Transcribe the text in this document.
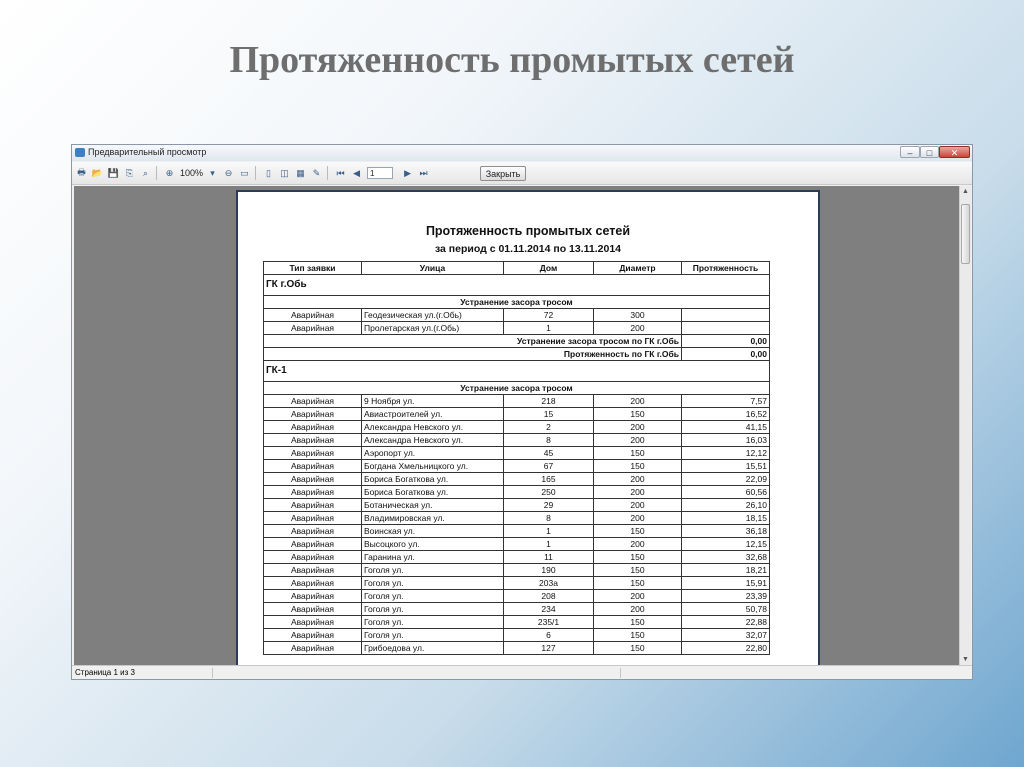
Протяженность промытых сетей
Предварительный просмотр	‒	□	✕
🖶 📂 💾 ⎘	⌕	⊕ 100% ▾	⊖ ▭	▯	◫ ▦ ✎	⏮ ◀	1	▶ ⏭	Закрыть
Протяженность промытых сетей
за период с 01.11.2014 по 13.11.2014
Тип заявки	Улица	Дом	Диаметр	Протяженность
ГК г.Обь				
Устранение засора тросом				
Аварийная	Геодезическая ул.(г.Обь)	72	300	
Аварийная	Пролетарская ул.(г.Обь)	1	200	
Устранение засора тросом по ГК г.Обь				0,00
Протяженность по ГК г.Обь				0,00
ГК-1				
Устранение засора тросом				
Аварийная	9 Ноября ул.	218	200	7,57
Аварийная	Авиастроителей ул.	15	150	16,52
Аварийная	Александра Невского ул.	2	200	41,15
Аварийная	Александра Невского ул.	8	200	16,03
Аварийная	Аэропорт ул.	45	150	12,12
Аварийная	Богдана Хмельницкого ул.	67	150	15,51
Аварийная	Бориса Богаткова ул.	165	200	22,09
Аварийная	Бориса Богаткова ул.	250	200	60,56
Аварийная	Ботаническая ул.	29	200	26,10
Аварийная	Владимировская ул.	8	200	18,15
Аварийная	Воинская ул.	1	150	36,18
Аварийная	Высоцкого ул.	1	200	12,15
Аварийная	Гаранина ул.	11	150	32,68
Аварийная	Гоголя ул.	190	150	18,21
Аварийная	Гоголя ул.	203а	150	15,91
Аварийная	Гоголя ул.	208	200	23,39
Аварийная	Гоголя ул.	234	200	50,78
Аварийная	Гоголя ул.	235/1	150	22,88
Аварийная	Гоголя ул.	6	150	32,07
Аварийная	Грибоедова ул.	127	150	22,80
▲
▼
Страница 1 из 3
